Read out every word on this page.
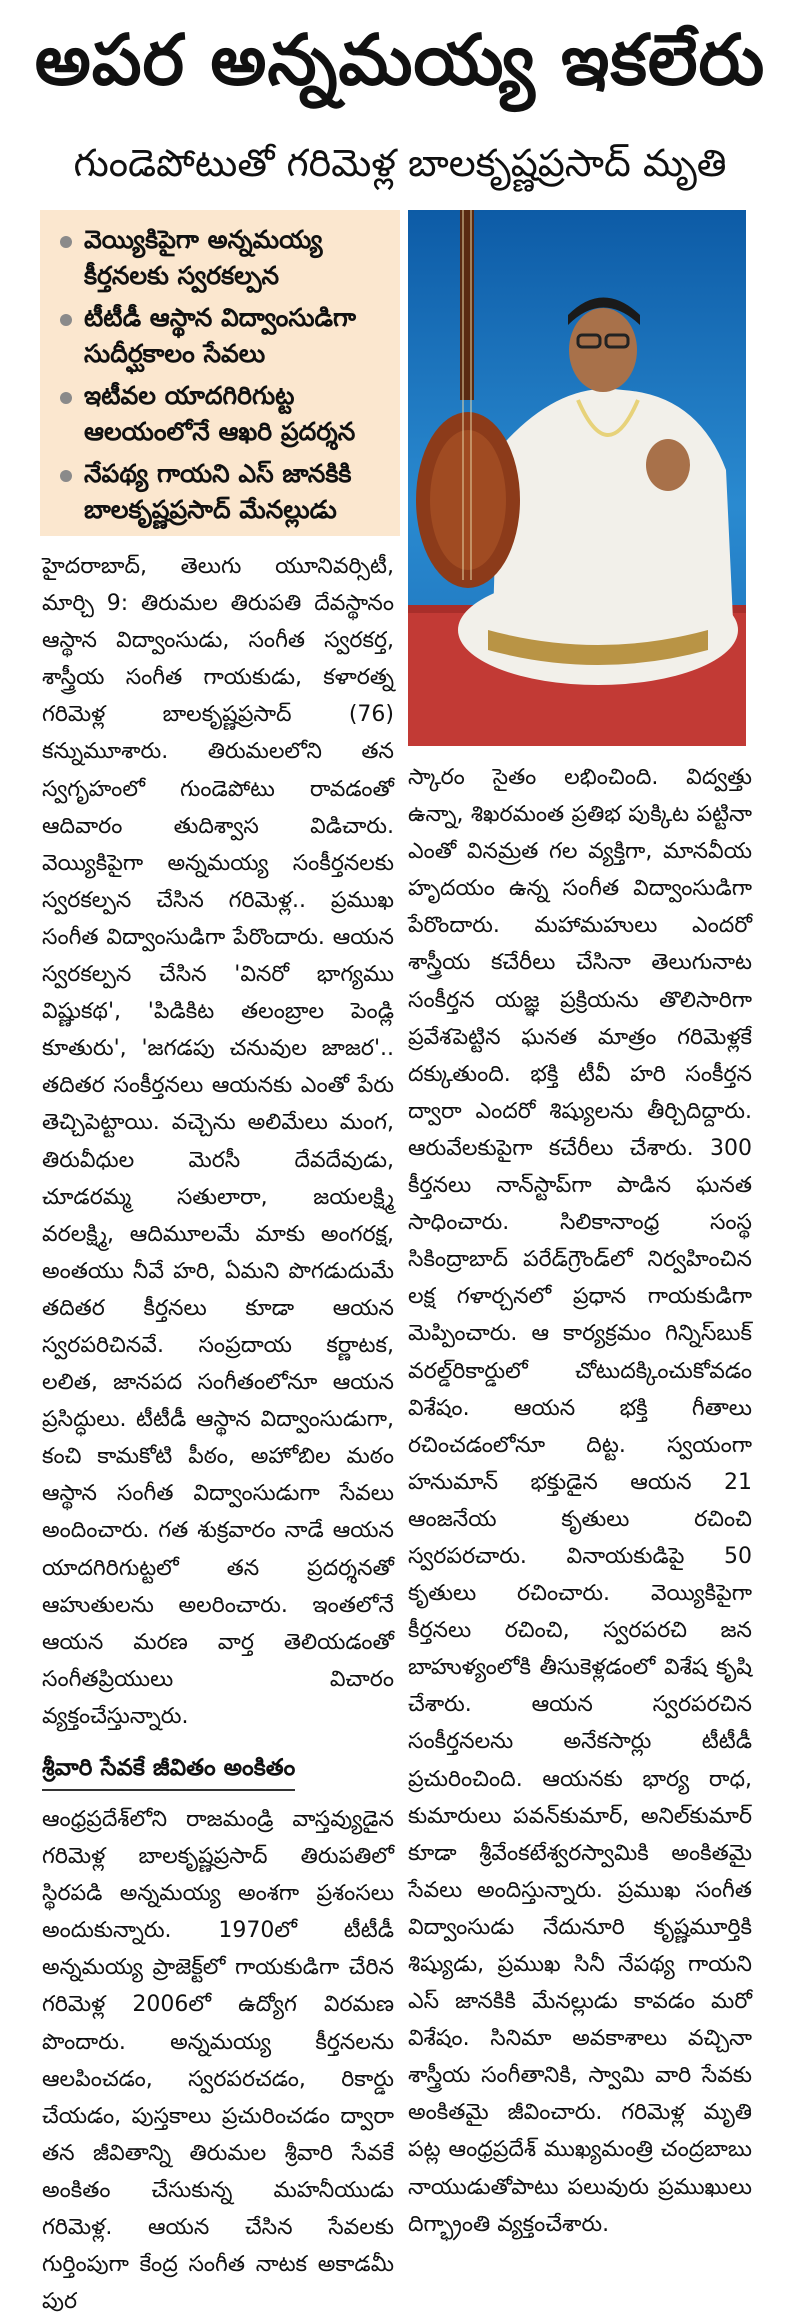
అపర అన్నమయ్య ఇకలేరు
గుండెపోటుతో గరిమెళ్ల బాలకృష్ణప్రసాద్ మృతి
వెయ్యికిపైగా అన్నమయ్య కీర్తనలకు స్వరకల్పన
టీటీడీ ఆస్థాన విద్వాంసుడిగా సుదీర్ఘకాలం సేవలు
ఇటీవల యాదగిరిగుట్ట ఆలయంలోనే ఆఖరి ప్రదర్శన
నేపథ్య గాయని ఎస్ జానకికి బాలకృష్ణప్రసాద్ మేనల్లుడు

హైదరాబాద్, తెలుగు యూనివర్సిటీ, మార్చి 9: తిరుమల తిరుపతి దేవస్థానం ఆస్థాన విద్వాంసుడు, సంగీత స్వరకర్త, శాస్త్రీయ సంగీత గాయకుడు, కళారత్న గరిమెళ్ల బాలకృష్ణప్రసాద్ (76) కన్నుమూశారు. తిరుమలలోని తన స్వగృహంలో గుండెపోటు రావడంతో ఆదివారం తుదిశ్వాస విడిచారు. వెయ్యికిపైగా అన్నమయ్య సంకీర్తనలకు స్వరకల్పన చేసిన గరిమెళ్ల.. ప్రముఖ సంగీత విద్వాంసుడిగా పేరొందారు. ఆయన స్వరకల్పన చేసిన 'వినరో భాగ్యము విష్ణుకథ', 'పిడికిట తలంబ్రాల పెండ్లి కూతురు', 'జగడపు చనువుల జాజర'.. తదితర సంకీర్తనలు ఆయనకు ఎంతో పేరు తెచ్చిపెట్టాయి. వచ్చెను అలిమేలు మంగ, తిరువీధుల మెరసీ దేవదేవుడు, చూడరమ్మ సతులారా, జయలక్ష్మి వరలక్ష్మి, ఆదిమూలమే మాకు అంగరక్ష, అంతయు నీవే హరి, ఏమని పొగడుదుమే తదితర కీర్తనలు కూడా ఆయన స్వరపరిచినవే. సంప్రదాయ కర్ణాటక, లలిత, జానపద సంగీతంలోనూ ఆయన ప్రసిద్ధులు. టీటీడీ ఆస్థాన విద్వాంసుడుగా, కంచి కామకోటి పీఠం, అహోబిల మఠం ఆస్థాన సంగీత విద్వాంసుడుగా సేవలు అందించారు. గత శుక్రవారం నాడే ఆయన యాదగిరిగుట్టలో తన ప్రదర్శనతో ఆహుతులను అలరించారు. ఇంతలోనే ఆయన మరణ వార్త తెలియడంతో సంగీతప్రియులు విచారం వ్యక్తంచేస్తున్నారు.

శ్రీవారి సేవకే జీవితం అంకితం

ఆంధ్రప్రదేశ్‌లోని రాజమండ్రి వాస్తవ్యుడైన గరిమెళ్ల బాలకృష్ణప్రసాద్ తిరుపతిలో స్థిరపడి అన్నమయ్య అంశగా ప్రశంసలు అందుకున్నారు. 1970లో టీటీడీ అన్నమయ్య ప్రాజెక్ట్‌లో గాయకుడిగా చేరిన గరిమెళ్ల 2006లో ఉద్యోగ విరమణ పొందారు. అన్నమయ్య కీర్తనలను ఆలపించడం, స్వరపరచడం, రికార్డు చేయడం, పుస్తకాలు ప్రచురించడం ద్వారా తన జీవితాన్ని తిరుమల శ్రీవారి సేవకే అంకితం చేసుకున్న మహనీయుడు గరిమెళ్ల. ఆయన చేసిన సేవలకు గుర్తింపుగా కేంద్ర సంగీత నాటక అకాడమీ పుర

స్కారం సైతం లభించింది. విద్వత్తు ఉన్నా, శిఖరమంత ప్రతిభ పుక్కిట పట్టినా ఎంతో వినమ్రత గల వ్యక్తిగా, మానవీయ హృదయం ఉన్న సంగీత విద్వాంసుడిగా పేరొందారు. మహామహులు ఎందరో శాస్త్రీయ కచేరీలు చేసినా తెలుగునాట సంకీర్తన యజ్ఞ ప్రక్రియను తొలిసారిగా ప్రవేశపెట్టిన ఘనత మాత్రం గరిమెళ్లకే దక్కుతుంది. భక్తి టీవీ హరి సంకీర్తన ద్వారా ఎందరో శిష్యులను తీర్చిదిద్దారు. ఆరువేలకుపైగా కచేరీలు చేశారు. 300 కీర్తనలు నాన్‌స్టాప్‌గా పాడిన ఘనత సాధించారు. సిలికానాంధ్ర సంస్థ సికింద్రాబాద్ పరేడ్‌గ్రౌండ్‌లో నిర్వహించిన లక్ష గళార్చనలో ప్రధాన గాయకుడిగా మెప్పించారు. ఆ కార్యక్రమం గిన్నిస్‌బుక్ వరల్డ్‌రికార్డులో చోటుదక్కించుకోవడం విశేషం. ఆయన భక్తి గీతాలు రచించడంలోనూ దిట్ట. స్వయంగా హనుమాన్ భక్తుడైన ఆయన 21 ఆంజనేయ కృతులు రచించి స్వరపరచారు. వినాయకుడిపై 50 కృతులు రచించారు. వెయ్యికిపైగా కీర్తనలు రచించి, స్వరపరచి జన బాహుళ్యంలోకి తీసుకెళ్లడంలో విశేష కృషి చేశారు. ఆయన స్వరపరచిన సంకీర్తనలను అనేకసార్లు టీటీడీ ప్రచురించింది. ఆయనకు భార్య రాధ, కుమారులు పవన్‌కుమార్, అనిల్‌కుమార్ కూడా శ్రీవేంకటేశ్వరస్వామికి అంకితమై సేవలు అందిస్తున్నారు. ప్రముఖ సంగీత విద్వాంసుడు నేదునూరి కృష్ణమూర్తికి శిష్యుడు, ప్రముఖ సినీ నేపథ్య గాయని ఎస్ జానకికి మేనల్లుడు కావడం మరో విశేషం. సినిమా అవకాశాలు వచ్చినా శాస్త్రీయ సంగీతానికి, స్వామి వారి సేవకు అంకితమై జీవించారు. గరిమెళ్ల మృతి పట్ల ఆంధ్రప్రదేశ్ ముఖ్యమంత్రి చంద్రబాబు నాయుడుతోపాటు పలువురు ప్రముఖులు దిగ్భ్రాంతి వ్యక్తంచేశారు.
